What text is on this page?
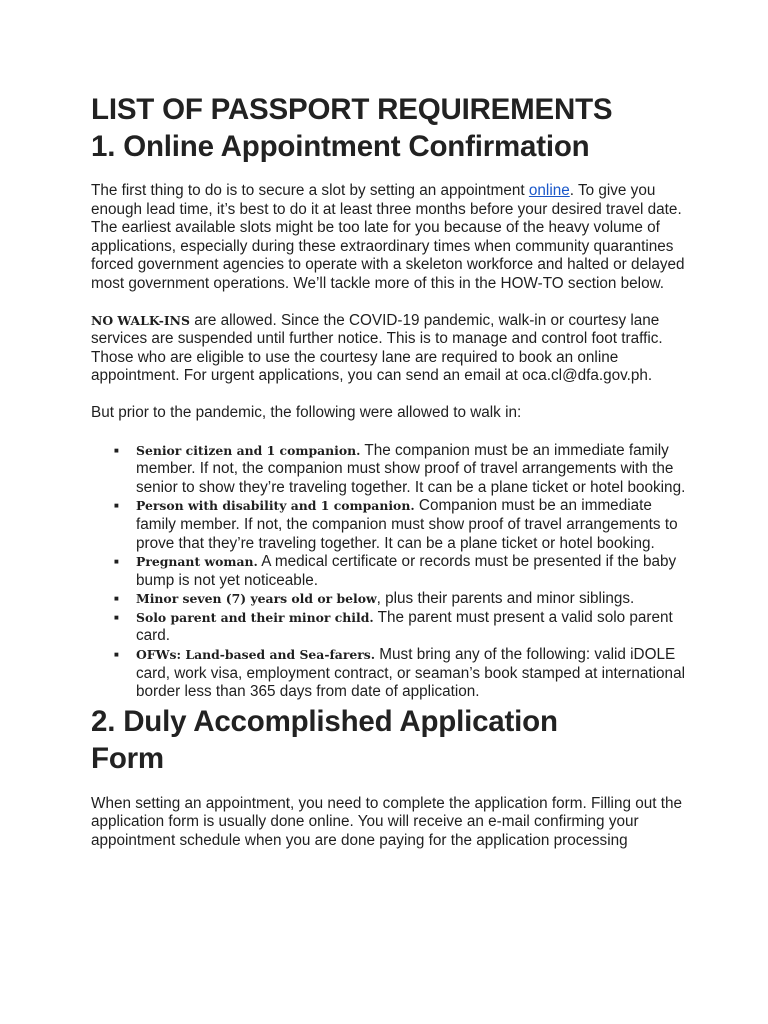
LIST OF PASSPORT REQUIREMENTS
1. Online Appointment Confirmation

The first thing to do is to secure a slot by setting an appointment online. To give you enough lead time, it’s best to do it at least three months before your desired travel date. The earliest available slots might be too late for you because of the heavy volume of applications, especially during these extraordinary times when community quarantines forced government agencies to operate with a skeleton workforce and halted or delayed most government operations. We’ll tackle more of this in the HOW-TO section below.

NO WALK-INS are allowed. Since the COVID-19 pandemic, walk-in or courtesy lane services are suspended until further notice. This is to manage and control foot traffic. Those who are eligible to use the courtesy lane are required to book an online appointment. For urgent applications, you can send an email at oca.cl@dfa.gov.ph.

But prior to the pandemic, the following were allowed to walk in:

■ Senior citizen and 1 companion. The companion must be an immediate family member. If not, the companion must show proof of travel arrangements with the senior to show they’re traveling together. It can be a plane ticket or hotel booking.
■ Person with disability and 1 companion. Companion must be an immediate family member. If not, the companion must show proof of travel arrangements to prove that they’re traveling together. It can be a plane ticket or hotel booking.
■ Pregnant woman. A medical certificate or records must be presented if the baby bump is not yet noticeable.
■ Minor seven (7) years old or below, plus their parents and minor siblings.
■ Solo parent and their minor child. The parent must present a valid solo parent card.
■ OFWs: Land-based and Sea-farers. Must bring any of the following: valid iDOLE card, work visa, employment contract, or seaman’s book stamped at international border less than 365 days from date of application.
2. Duly Accomplished Application
Form

When setting an appointment, you need to complete the application form. Filling out the application form is usually done online. You will receive an e-mail confirming your appointment schedule when you are done paying for the application processing
